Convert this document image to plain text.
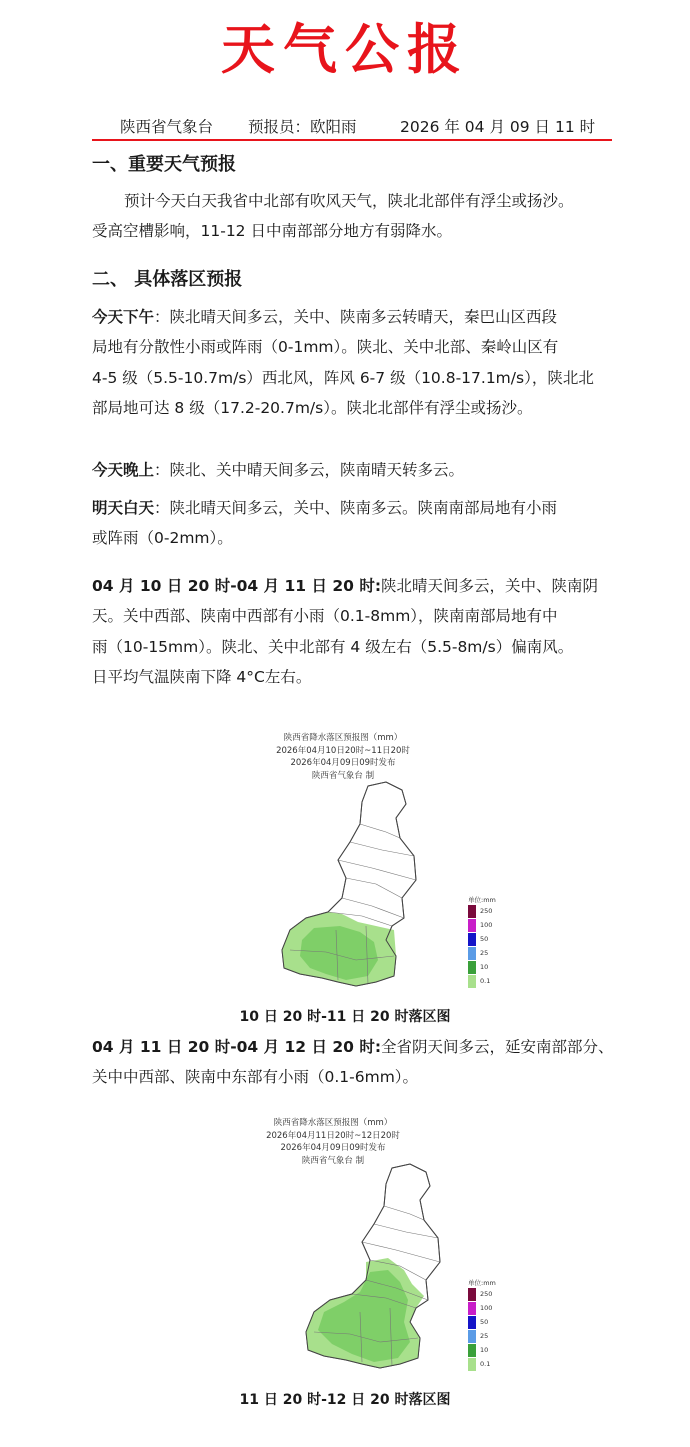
天气公报
陕西省气象台 预报员：欧阳雨	2026 年 04 月 09 日 11 时
一、重要天气预报
预计今天白天我省中北部有吹风天气，陕北北部伴有浮尘或扬沙。
受高空槽影响，11-12 日中南部部分地方有弱降水。
二、 具体落区预报
今天下午：陕北晴天间多云，关中、陕南多云转晴天，秦巴山区西段
局地有分散性小雨或阵雨（0-1mm）。陕北、关中北部、秦岭山区有
4-5 级（5.5-10.7m/s）西北风，阵风 6-7 级（10.8-17.1m/s），陕北北
部局地可达 8 级（17.2-20.7m/s）。陕北北部伴有浮尘或扬沙。
今天晚上：陕北、关中晴天间多云，陕南晴天转多云。
明天白天：陕北晴天间多云，关中、陕南多云。陕南南部局地有小雨
或阵雨（0-2mm）。
04 月 10 日 20 时-04 月 11 日 20 时:陕北晴天间多云，关中、陕南阴
天。关中西部、陕南中西部有小雨（0.1-8mm），陕南南部局地有中
雨（10-15mm）。陕北、关中北部有 4 级左右（5.5-8m/s）偏南风。
日平均气温陕南下降 4°C左右。
陕西省降水落区预报图（mm）
2026年04月10日20时~11日20时
2026年04月09日09时发布
陕西省气象台 制
单位:mm
250
100
50
25
10
0.1
10 日 20 时-11 日 20 时落区图
04 月 11 日 20 时-04 月 12 日 20 时:全省阴天间多云，延安南部部分、
关中中西部、陕南中东部有小雨（0.1-6mm）。
陕西省降水落区预报图（mm）
2026年04月11日20时~12日20时
2026年04月09日09时发布
陕西省气象台 制
单位:mm
250
100
50
25
10
0.1
11 日 20 时-12 日 20 时落区图
